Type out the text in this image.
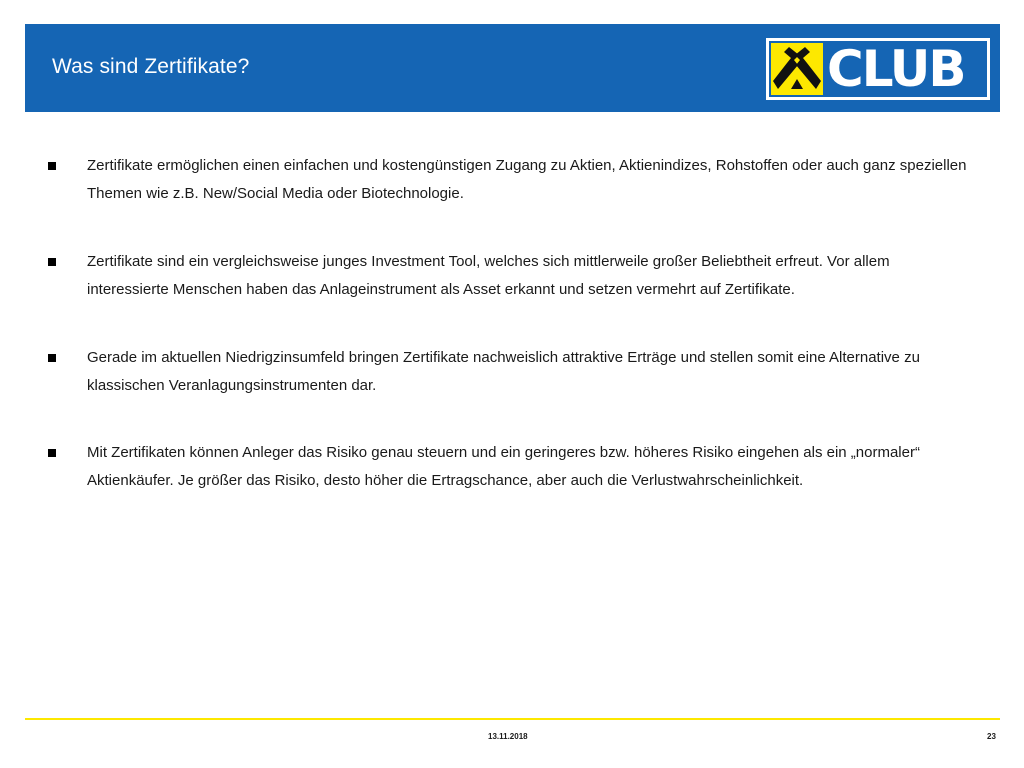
Was sind Zertifikate?	CLUB
Zertifikate ermöglichen einen einfachen und kostengünstigen Zugang zu Aktien, Aktienindizes, Rohstoffen oder auch ganz speziellen Themen wie z.B. New/Social Media oder Biotechnologie.
Zertifikate sind ein vergleichsweise junges Investment Tool, welches sich mittlerweile großer Beliebtheit erfreut. Vor allem interessierte Menschen haben das Anlageinstrument als Asset erkannt und setzen vermehrt auf Zertifikate.
Gerade im aktuellen Niedrigzinsumfeld bringen Zertifikate nachweislich attraktive Erträge und stellen somit eine Alternative zu klassischen Veranlagungsinstrumenten dar.
Mit Zertifikaten können Anleger das Risiko genau steuern und ein geringeres bzw. höheres Risiko eingehen als ein „normaler“ Aktienkäufer. Je größer das Risiko, desto höher die Ertragschance, aber auch die Verlustwahrscheinlichkeit.
13.11.2018	23
